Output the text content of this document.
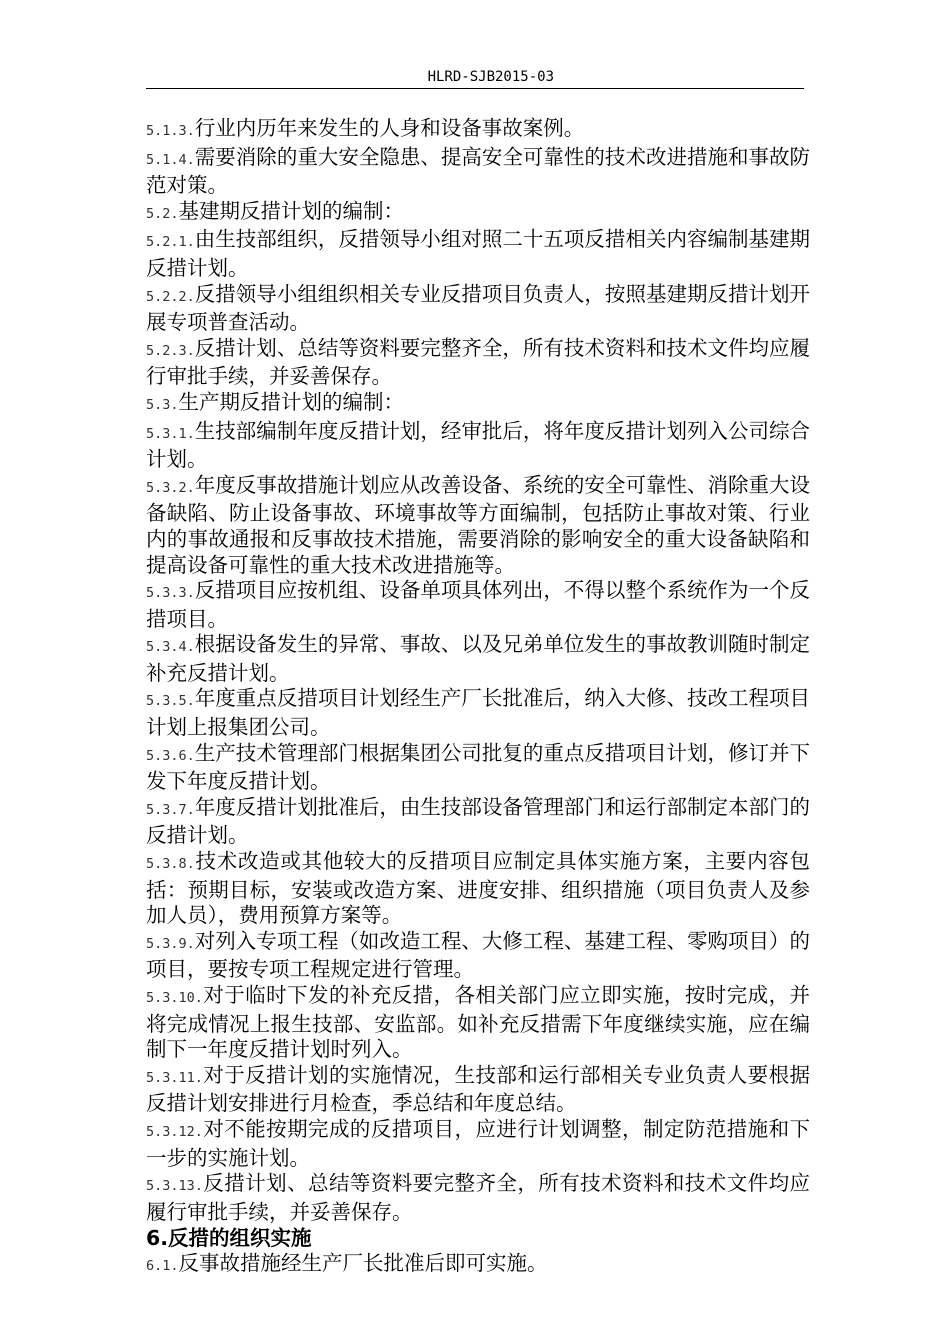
HLRD-SJB2015-03

5.1.3.行业内历年来发生的人身和设备事故案例。

5.1.4.需要消除的重大安全隐患、提高安全可靠性的技术改进措施和事故防范对策。

5.2.基建期反措计划的编制：

5.2.1.由生技部组织，反措领导小组对照二十五项反措相关内容编制基建期反措计划。

5.2.2.反措领导小组组织相关专业反措项目负责人，按照基建期反措计划开展专项普查活动。

5.2.3.反措计划、总结等资料要完整齐全，所有技术资料和技术文件均应履行审批手续，并妥善保存。

5.3.生产期反措计划的编制：

5.3.1.生技部编制年度反措计划，经审批后，将年度反措计划列入公司综合计划。

5.3.2.年度反事故措施计划应从改善设备、系统的安全可靠性、消除重大设备缺陷、防止设备事故、环境事故等方面编制，包括防止事故对策、行业内的事故通报和反事故技术措施，需要消除的影响安全的重大设备缺陷和提高设备可靠性的重大技术改进措施等。

5.3.3.反措项目应按机组、设备单项具体列出，不得以整个系统作为一个反措项目。

5.3.4.根据设备发生的异常、事故、以及兄弟单位发生的事故教训随时制定补充反措计划。

5.3.5.年度重点反措项目计划经生产厂长批准后，纳入大修、技改工程项目计划上报集团公司。

5.3.6.生产技术管理部门根据集团公司批复的重点反措项目计划，修订并下发下年度反措计划。

5.3.7.年度反措计划批准后，由生技部设备管理部门和运行部制定本部门的反措计划。

5.3.8.技术改造或其他较大的反措项目应制定具体实施方案，主要内容包括：预期目标，安装或改造方案、进度安排、组织措施（项目负责人及参加人员），费用预算方案等。

5.3.9.对列入专项工程（如改造工程、大修工程、基建工程、零购项目）的项目，要按专项工程规定进行管理。

5.3.10.对于临时下发的补充反措，各相关部门应立即实施，按时完成，并将完成情况上报生技部、安监部。如补充反措需下年度继续实施，应在编制下一年度反措计划时列入。

5.3.11.对于反措计划的实施情况，生技部和运行部相关专业负责人要根据反措计划安排进行月检查，季总结和年度总结。

5.3.12.对不能按期完成的反措项目，应进行计划调整，制定防范措施和下一步的实施计划。

5.3.13.反措计划、总结等资料要完整齐全，所有技术资料和技术文件均应履行审批手续，并妥善保存。

6.反措的组织实施

6.1.反事故措施经生产厂长批准后即可实施。
